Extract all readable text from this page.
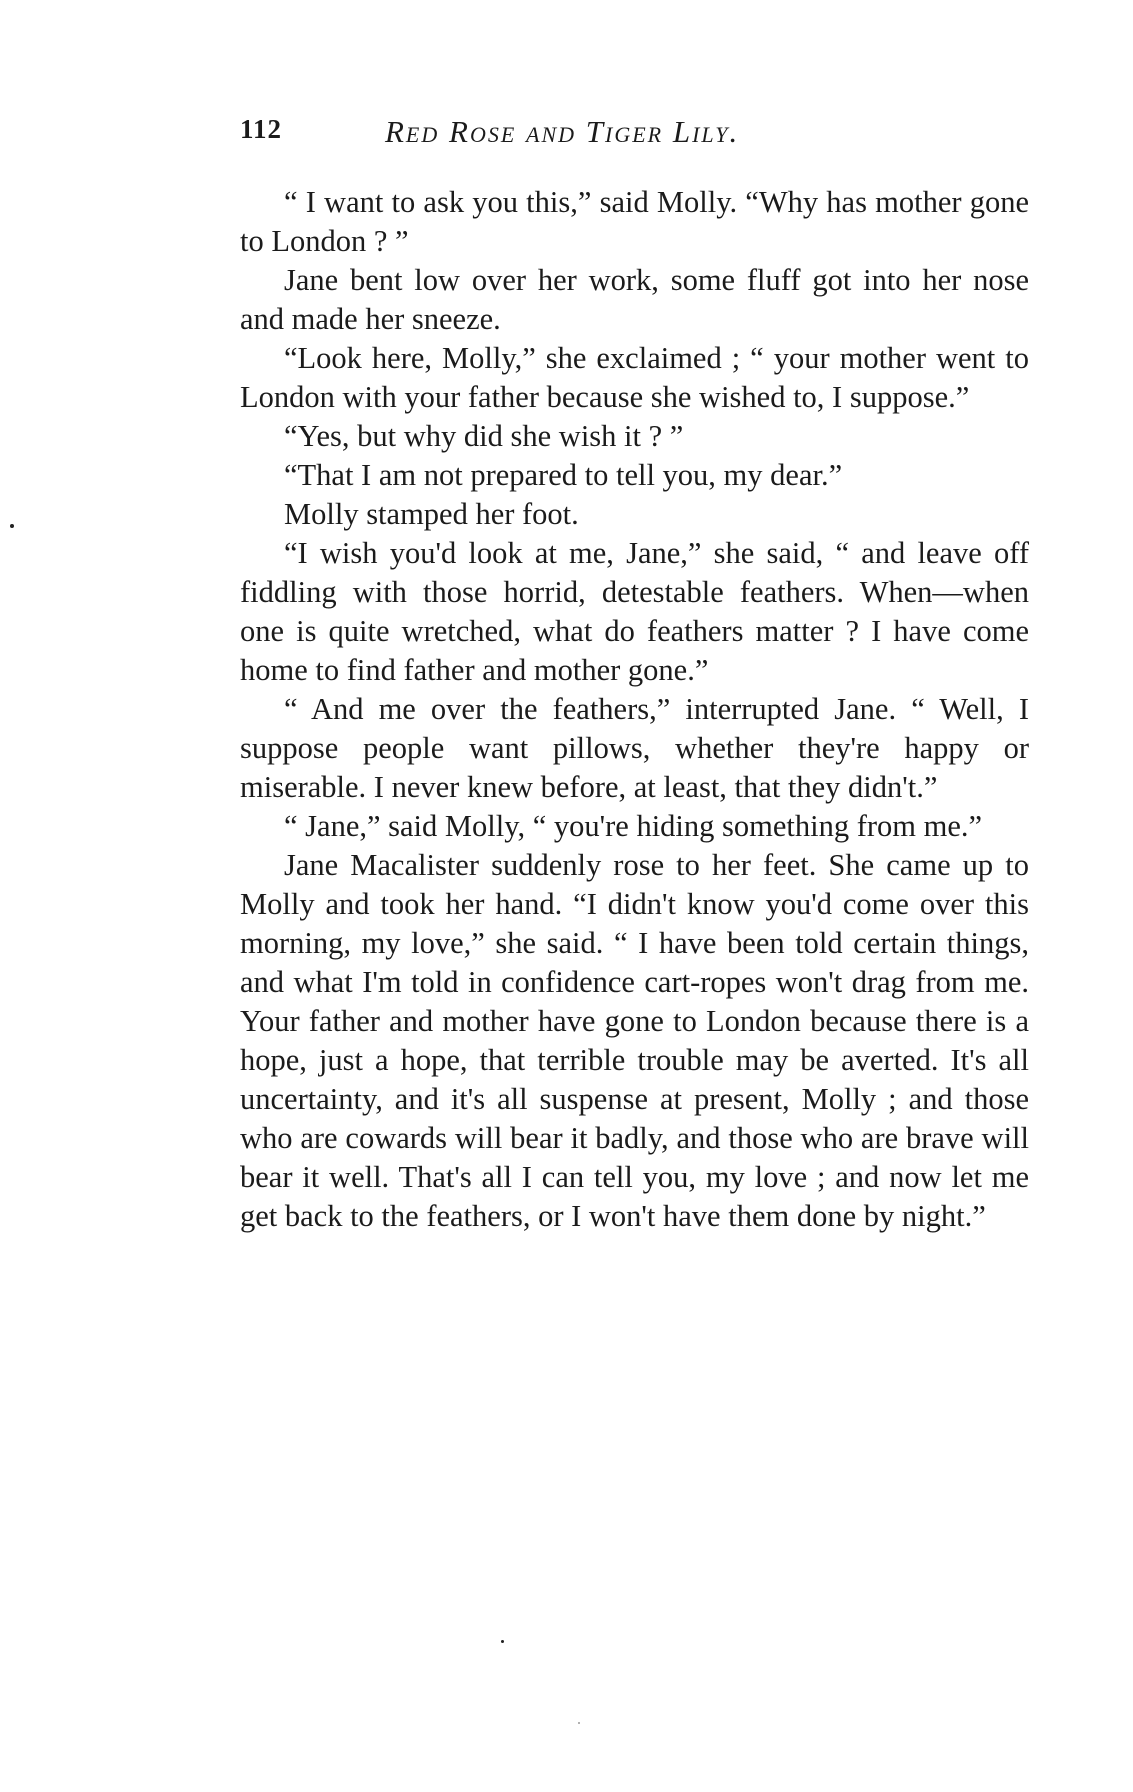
112	Red Rose and Tiger Lily.

“ I want to ask you this,” said Molly. “Why has mother gone to London ? ”

Jane bent low over her work, some fluff got into her nose and made her sneeze.

“Look here, Molly,” she exclaimed ; “ your mother went to London with your father because she wished to, I suppose.”

“Yes, but why did she wish it ? ”

“That I am not prepared to tell you, my dear.”

Molly stamped her foot.

“I wish you'd look at me, Jane,” she said, “ and leave off fiddling with those horrid, detestable feathers. When—when one is quite wretched, what do feathers matter ? I have come home to find father and mother gone.”

“ And me over the feathers,” interrupted Jane. “ Well, I suppose people want pillows, whether they're happy or miserable. I never knew before, at least, that they didn't.”

“ Jane,” said Molly, “ you're hiding something from me.”

Jane Macalister suddenly rose to her feet. She came up to Molly and took her hand. “I didn't know you'd come over this morning, my love,” she said. “ I have been told certain things, and what I'm told in confidence cart-ropes won't drag from me. Your father and mother have gone to London because there is a hope, just a hope, that terrible trouble may be averted. It's all uncertainty, and it's all suspense at present, Molly ; and those who are cowards will bear it badly, and those who are brave will bear it well. That's all I can tell you, my love ; and now let me get back to the feathers, or I won't have them done by night.”
